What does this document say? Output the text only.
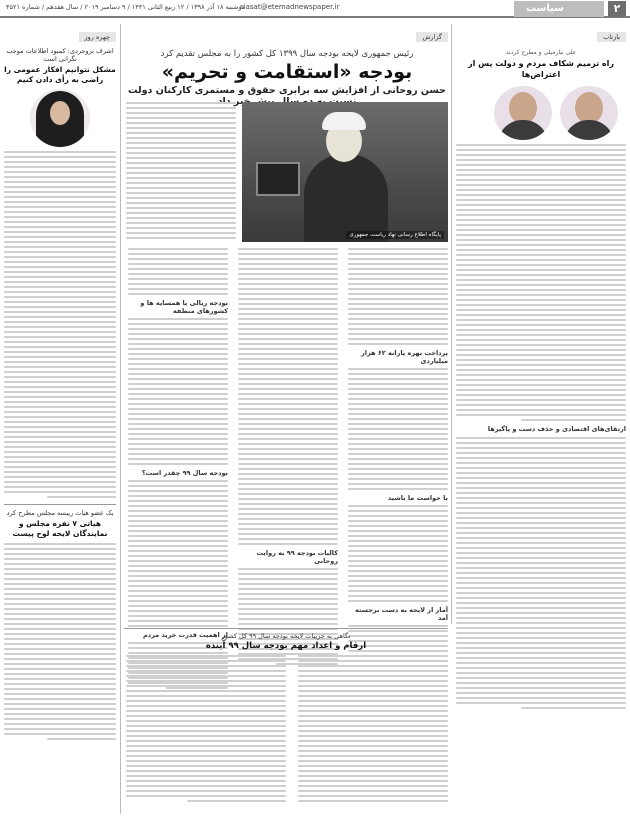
۲
سیاست
siasat@etemadnewspaper.ir
دوشنبه ۱۸ آذر ۱۳۹۸ / ۱۲ ربیع الثانی ۱۴۴۱ / ۹ دسامبر ۲۰۱۹ / سال هفدهم / شماره ۴۵۲۱
بازتاب
علی نیارمیلی و مطرح کردند
راه ترمیم شکاف مردم و دولت پس از اعتراض‌ها
ارتقای‌های اقتصادی و حذف دست و پاگیرها
گزارش
رئیس جمهوری لایحه بودجه سال ۱۳۹۹ کل کشور را به مجلس تقدیم کرد
بودجه «استقامت و تحریم»
حسن روحانی از افزایش سه برابری حقوق و مستمری کارکنان دولت
پایگاه اطلاع رسانی نهاد ریاست جمهوری
پرداخت بهره یارانه ۶۲ هزار میلیاردی
با حواست ما باشید
آمار از لایحه به دست برجسته آمد
کالیات بودجه ۹۹ به روایت روحانی
بودجه ریالی با همسایه ها و کشورهای منطقه
بودجه سال ۹۹ چقدر است؟
از اهمیت قدرت خرید مردم
نگاهی به جزییات لایحه بودجه سال ۹۹ کل کشور
ارقام و اعداد مهم بودجه سال ۹۹ آینده
چهره روز
اشرف بروجردی: کمبود اطلاعات موجب نگرانی است
مشکل نتوانیم افکار عمومی را راضی به رأی دادن کنیم
یک عضو هیات رییسه مجلس مطرح کرد
هیاتی ۷ نفره مجلس و نمایندگان لایحه لوح پیست
